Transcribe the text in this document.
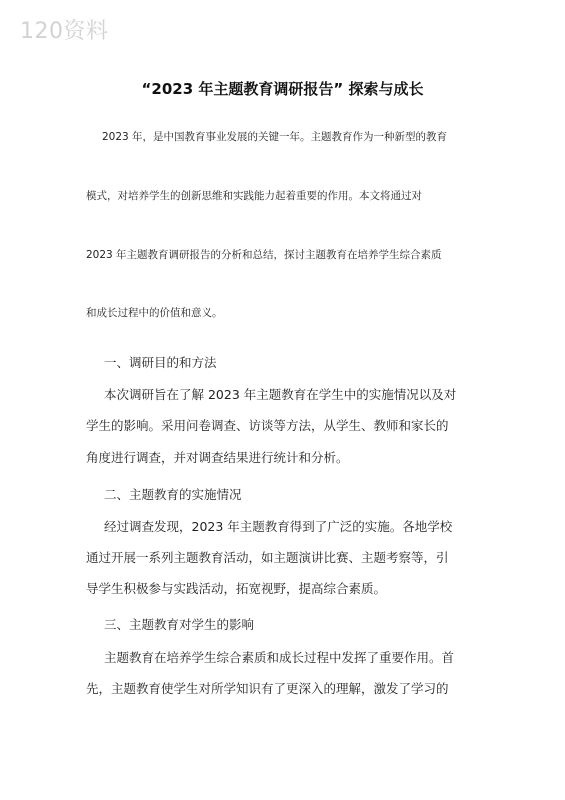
120资料
“2023 年主题教育调研报告” 探索与成长
2023 年，是中国教育事业发展的关键一年。主题教育作为一种新型的教育
模式，对培养学生的创新思维和实践能力起着重要的作用。本文将通过对
2023 年主题教育调研报告的分析和总结，探讨主题教育在培养学生综合素质
和成长过程中的价值和意义。
一、调研目的和方法
本次调研旨在了解 2023 年主题教育在学生中的实施情况以及对
学生的影响。采用问卷调查、访谈等方法，从学生、教师和家长的
角度进行调查，并对调查结果进行统计和分析。
二、主题教育的实施情况
经过调查发现，2023 年主题教育得到了广泛的实施。各地学校
通过开展一系列主题教育活动，如主题演讲比赛、主题考察等，引
导学生积极参与实践活动，拓宽视野，提高综合素质。
三、主题教育对学生的影响
主题教育在培养学生综合素质和成长过程中发挥了重要作用。首
先，主题教育使学生对所学知识有了更深入的理解，激发了学习的
